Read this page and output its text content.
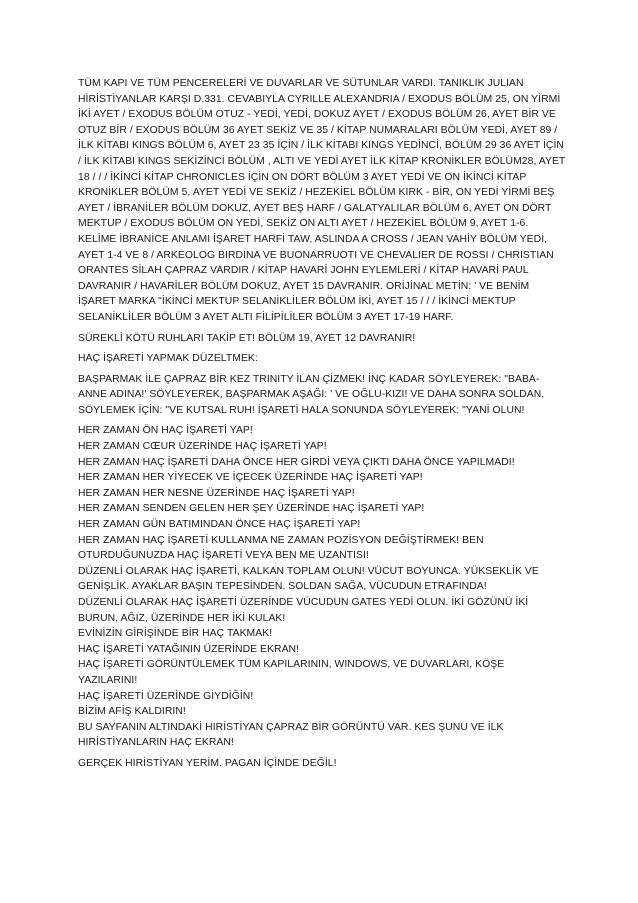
TÜM KAPI VE TÜM PENCERELERİ VE DUVARLAR VE SÜTUNLAR VARDI. TANIKLIK JULIAN HİRİSTİYANLAR KARŞI D.331. CEVABIYLA CYRILLE ALEXANDRIA / EXODUS BÖLÜM 25, ON YİRMİ İKİ AYET / EXODUS BÖLÜM OTUZ - YEDİ, YEDİ, DOKUZ AYET / EXODUS BÖLÜM 26, AYET BİR VE OTUZ BİR / EXODUS BÖLÜM 36 AYET SEKİZ VE 35 / KİTAP NUMARALARI BÖLÜM YEDİ, AYET 89 / İLK KİTABI KINGS BÖLÜM 6, AYET 23 35 İÇİN / İLK KİTABI KINGS YEDİNCİ, BÖLÜM 29 36 AYET İÇİN / İLK KİTABI KINGS SEKİZİNCİ BÖLÜM , ALTI VE YEDİ AYET İLK KİTAP KRONİKLER BÖLÜM28, AYET 18 / / / İKİNCİ KİTAP CHRONICLES İÇİN ON DÖRT BÖLÜM 3 AYET YEDİ VE ON İKİNCİ KİTAP KRONİKLER BÖLÜM 5, AYET YEDİ VE SEKİZ / HEZEKİEL BÖLÜM KIRK - BİR, ON YEDİ YİRMİ BEŞ AYET / İBRANİLER BÖLÜM DOKUZ, AYET BEŞ HARF / GALATYALILAR BÖLÜM 6, AYET ON DÖRT MEKTUP / EXODUS BÖLÜM ON YEDİ, SEKİZ ON ALTI AYET / HEZEKİEL BÖLÜM 9, AYET 1-6. KELİME İBRANİCE ANLAMI İŞARET HARFİ TAW, ASLINDA A CROSS / JEAN VAHİY BÖLÜM YEDİ, AYET 1-4 VE 8 / ARKEOLOG BIRDINA VE BUONARRUOTI VE CHEVALIER DE ROSSI / CHRISTIAN ORANTES SİLAH ÇAPRAZ VARDIR / KİTAP HAVARİ JOHN EYLEMLERİ / KİTAP HAVARİ PAUL DAVRANIR / HAVARİLER BÖLÜM DOKUZ, AYET 15 DAVRANIR. ORİJİNAL METİN: ' VE BENİM İŞARET MARKA "İKİNCİ MEKTUP SELANİKLİLER BÖLÜM İKİ, AYET 15 / / / İKİNCİ MEKTUP SELANİKLİLER BÖLÜM 3 AYET ALTI FİLİPİLİLER BÖLÜM 3 AYET 17-19 HARF.

SÜREKLİ KÖTÜ RUHLARI TAKİP ET! BÖLÜM 19, AYET 12 DAVRANIR!

HAÇ İŞARETİ YAPMAK DÜZELTMEK:

BAŞPARMAK İLE ÇAPRAZ BİR KEZ TRINITY İLAN ÇİZMEK! İNÇ KADAR SÖYLEYEREK: "BABA-ANNE ADINA!' SÖYLEYEREK, BAŞPARMAK AŞAĞI: ' VE OĞLU-KIZI! VE DAHA SONRA SOLDAN, SÖYLEMEK İÇİN: "VE KUTSAL RUH! İŞARETİ HALA SONUNDA SÖYLEYEREK: "YANİ OLUN!

HER ZAMAN ÖN HAÇ İŞARETİ YAP!

HER ZAMAN CŒUR ÜZERİNDE HAÇ İŞARETİ YAP!

HER ZAMAN HAÇ İŞARETİ DAHA ÖNCE HER GİRDİ VEYA ÇIKTI DAHA ÖNCE YAPILMADI!

HER ZAMAN HER YİYECEK VE İÇECEK ÜZERİNDE HAÇ İŞARETİ YAP!

HER ZAMAN HER NESNE ÜZERİNDE HAÇ İŞARETİ YAP!

HER ZAMAN SENDEN GELEN HER ŞEY ÜZERİNDE HAÇ İŞARETİ YAP!

HER ZAMAN GÜN BATIMINDAN ÖNCE HAÇ İŞARETİ YAP!

HER ZAMAN HAÇ İŞARETİ KULLANMA NE ZAMAN POZİSYON DEĞİŞTİRMEK! BEN OTURDUĞUNUZDA HAÇ İŞARETİ VEYA BEN ME UZANTISI!

DÜZENLİ OLARAK HAÇ İŞARETİ, KALKAN TOPLAM OLUN! VÜCUT BOYUNCA. YÜKSEKLİK VE GENİŞLİK. AYAKLAR BAŞIN TEPESİNDEN. SOLDAN SAĞA, VÜCUDUN ETRAFINDA!

DÜZENLİ OLARAK HAÇ İŞARETİ ÜZERİNDE VÜCUDUN GATES YEDİ OLUN. İKİ GÖZÜNÜ İKİ BURUN, AĞIZ, ÜZERİNDE HER İKİ KULAK!

EVİNİZİN GİRİŞİNDE BİR HAÇ TAKMAK!

HAÇ İŞARETİ YATAĞININ ÜZERİNDE EKRAN!

HAÇ İŞARETİ GÖRÜNTÜLEMEK TÜM KAPILARININ, WINDOWS, VE DUVARLARI, KÖŞE YAZILARINI!

HAÇ İŞARETİ ÜZERİNDE GİYDİĞİN!

BİZİM AFİŞ KALDIRIN!

BU SAYFANIN ALTINDAKİ HIRİSTİYAN ÇAPRAZ BİR GÖRÜNTÜ VAR. KES ŞUNU VE İLK HIRİSTİYANLARIN HAÇ EKRAN!

GERÇEK HIRİSTİYAN YERİM. PAGAN İÇİNDE DEĞİL!
